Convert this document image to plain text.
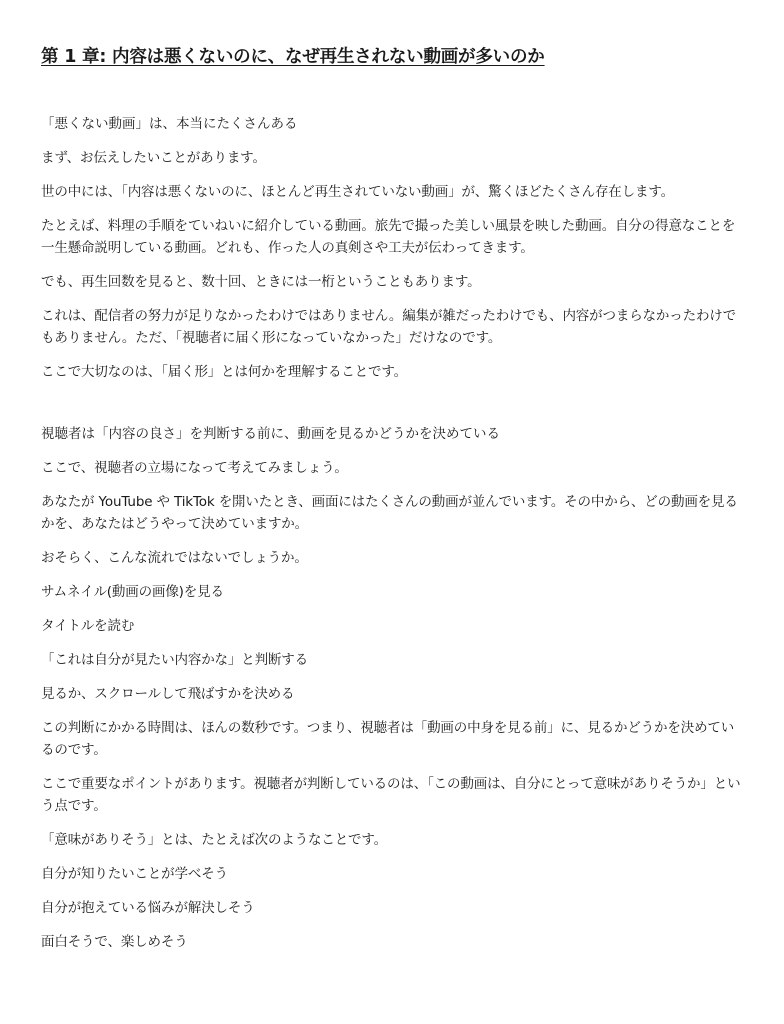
第 1 章: 内容は悪くないのに、なぜ再生されない動画が多いのか

「悪くない動画」は、本当にたくさんある

まず、お伝えしたいことがあります。

世の中には、「内容は悪くないのに、ほとんど再生されていない動画」が、驚くほどたくさん存在します。

たとえば、料理の手順をていねいに紹介している動画。旅先で撮った美しい風景を映した動画。自分の得意なことを一生懸命説明している動画。どれも、作った人の真剣さや工夫が伝わってきます。

でも、再生回数を見ると、数十回、ときには一桁ということもあります。

これは、配信者の努力が足りなかったわけではありません。編集が雑だったわけでも、内容がつまらなかったわけでもありません。ただ、「視聴者に届く形になっていなかった」だけなのです。

ここで大切なのは、「届く形」とは何かを理解することです。

視聴者は「内容の良さ」を判断する前に、動画を見るかどうかを決めている

ここで、視聴者の立場になって考えてみましょう。

あなたが YouTube や TikTok を開いたとき、画面にはたくさんの動画が並んでいます。その中から、どの動画を見るかを、あなたはどうやって決めていますか。

おそらく、こんな流れではないでしょうか。

サムネイル(動画の画像)を見る

タイトルを読む

「これは自分が見たい内容かな」と判断する

見るか、スクロールして飛ばすかを決める

この判断にかかる時間は、ほんの数秒です。つまり、視聴者は「動画の中身を見る前」に、見るかどうかを決めているのです。

ここで重要なポイントがあります。視聴者が判断しているのは、「この動画は、自分にとって意味がありそうか」という点です。

「意味がありそう」とは、たとえば次のようなことです。

自分が知りたいことが学べそう

自分が抱えている悩みが解決しそう

面白そうで、楽しめそう
